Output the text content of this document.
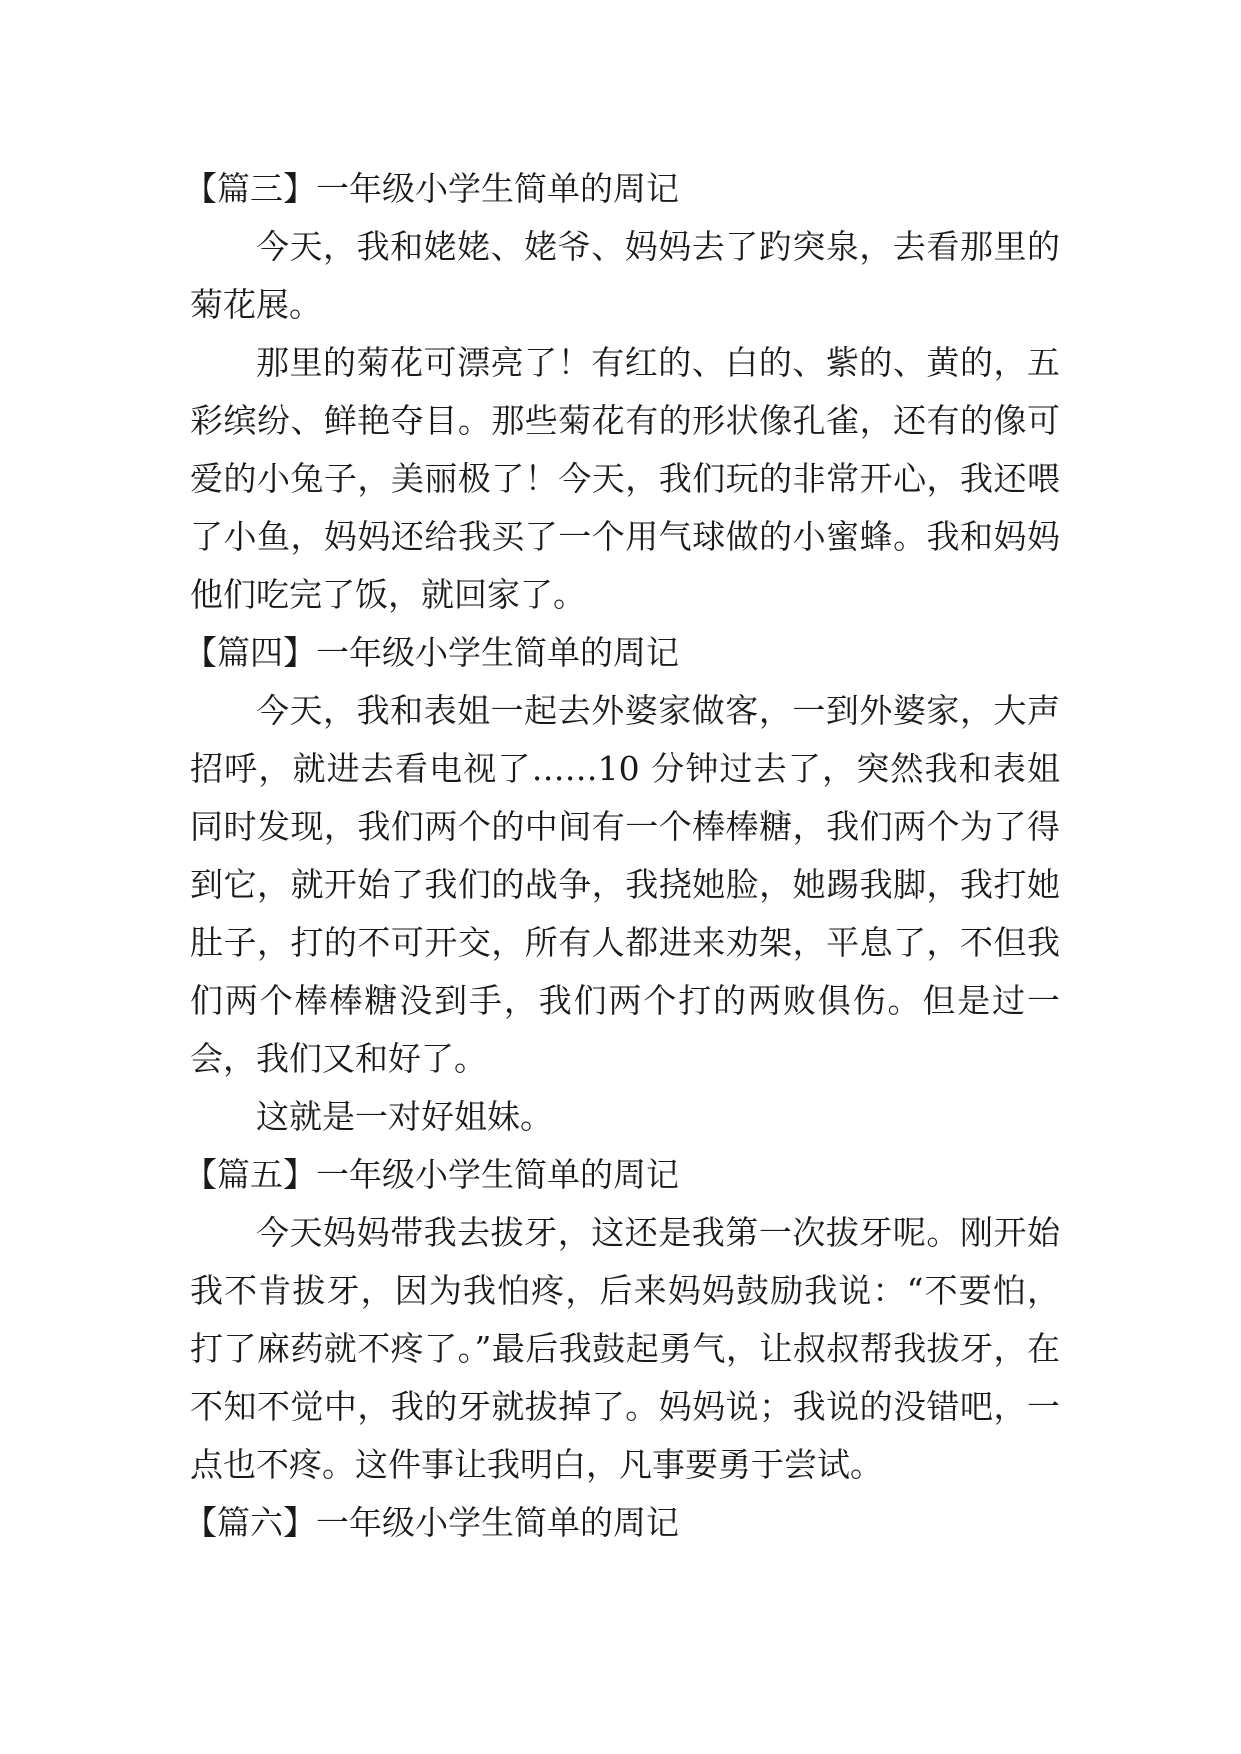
【篇三】一年级小学生简单的周记

今天，我和姥姥、姥爷、妈妈去了趵突泉，去看那里的菊花展。

那里的菊花可漂亮了！有红的、白的、紫的、黄的，五彩缤纷、鲜艳夺目。那些菊花有的形状像孔雀，还有的像可爱的小兔子，美丽极了！今天，我们玩的非常开心，我还喂了小鱼，妈妈还给我买了一个用气球做的小蜜蜂。我和妈妈他们吃完了饭，就回家了。

【篇四】一年级小学生简单的周记

今天，我和表姐一起去外婆家做客，一到外婆家，大声招呼，就进去看电视了……10 分钟过去了，突然我和表姐同时发现，我们两个的中间有一个棒棒糖，我们两个为了得到它，就开始了我们的战争，我挠她脸，她踢我脚，我打她肚子，打的不可开交，所有人都进来劝架，平息了，不但我们两个棒棒糖没到手，我们两个打的两败俱伤。但是过一会，我们又和好了。

这就是一对好姐妹。

【篇五】一年级小学生简单的周记

今天妈妈带我去拔牙，这还是我第一次拔牙呢。刚开始我不肯拔牙，因为我怕疼，后来妈妈鼓励我说：“不要怕，打了麻药就不疼了。”最后我鼓起勇气，让叔叔帮我拔牙，在不知不觉中，我的牙就拔掉了。妈妈说；我说的没错吧，一点也不疼。这件事让我明白，凡事要勇于尝试。

【篇六】一年级小学生简单的周记
